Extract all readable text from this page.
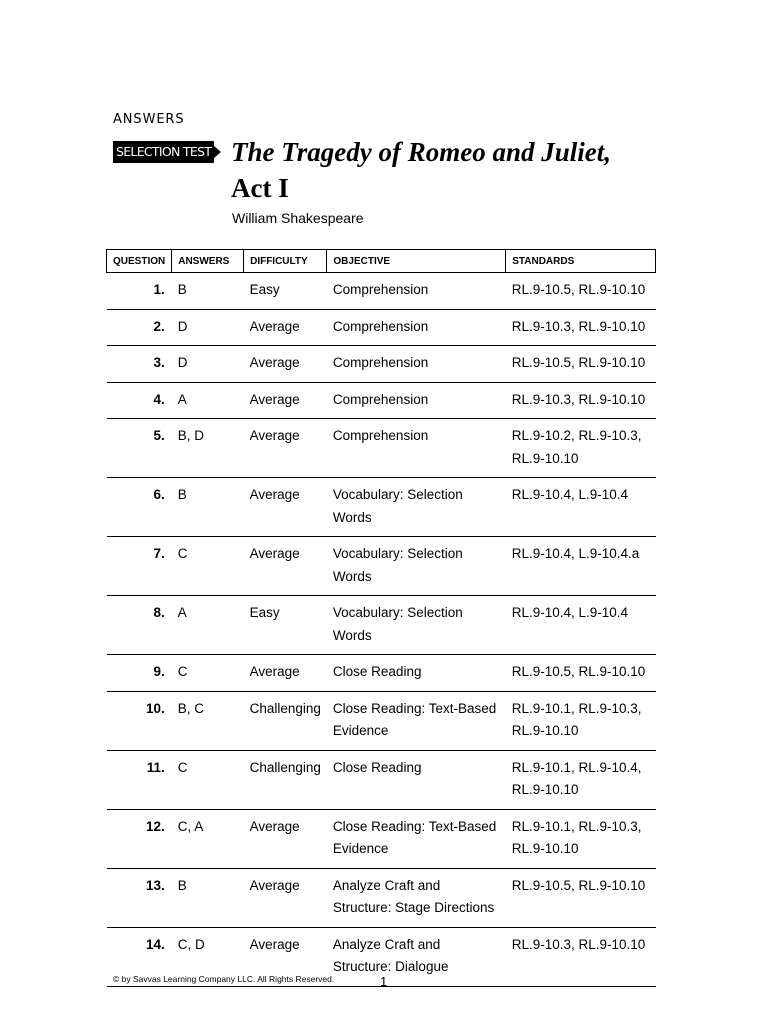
ANSWERS
SELECTION TEST The Tragedy of Romeo and Juliet,
Act I
William Shakespeare
QUESTION	ANSWERS	DIFFICULTY	OBJECTIVE	STANDARDS
1.	B	Easy	Comprehension	RL.9-10.5, RL.9-10.10
2.	D	Average	Comprehension	RL.9-10.3, RL.9-10.10
3.	D	Average	Comprehension	RL.9-10.5, RL.9-10.10
4.	A	Average	Comprehension	RL.9-10.3, RL.9-10.10
5.	B, D	Average	Comprehension	RL.9-10.2, RL.9-10.3, RL.9-10.10
6.	B	Average	Vocabulary: Selection Words	RL.9-10.4, L.9-10.4
7.	C	Average	Vocabulary: Selection Words	RL.9-10.4, L.9-10.4.a
8.	A	Easy	Vocabulary: Selection Words	RL.9-10.4, L.9-10.4
9.	C	Average	Close Reading	RL.9-10.5, RL.9-10.10
10.	B, C	Challenging	Close Reading: Text-Based Evidence	RL.9-10.1, RL.9-10.3, RL.9-10.10
11.	C	Challenging	Close Reading	RL.9-10.1, RL.9-10.4, RL.9-10.10
12.	C, A	Average	Close Reading: Text-Based Evidence	RL.9-10.1, RL.9-10.3, RL.9-10.10
13.	B	Average	Analyze Craft and Structure: Stage Directions	RL.9-10.5, RL.9-10.10
14.	C, D	Average	Analyze Craft and Structure: Dialogue	RL.9-10.3, RL.9-10.10
© by Savvas Learning Company LLC. All Rights Reserved.	1
